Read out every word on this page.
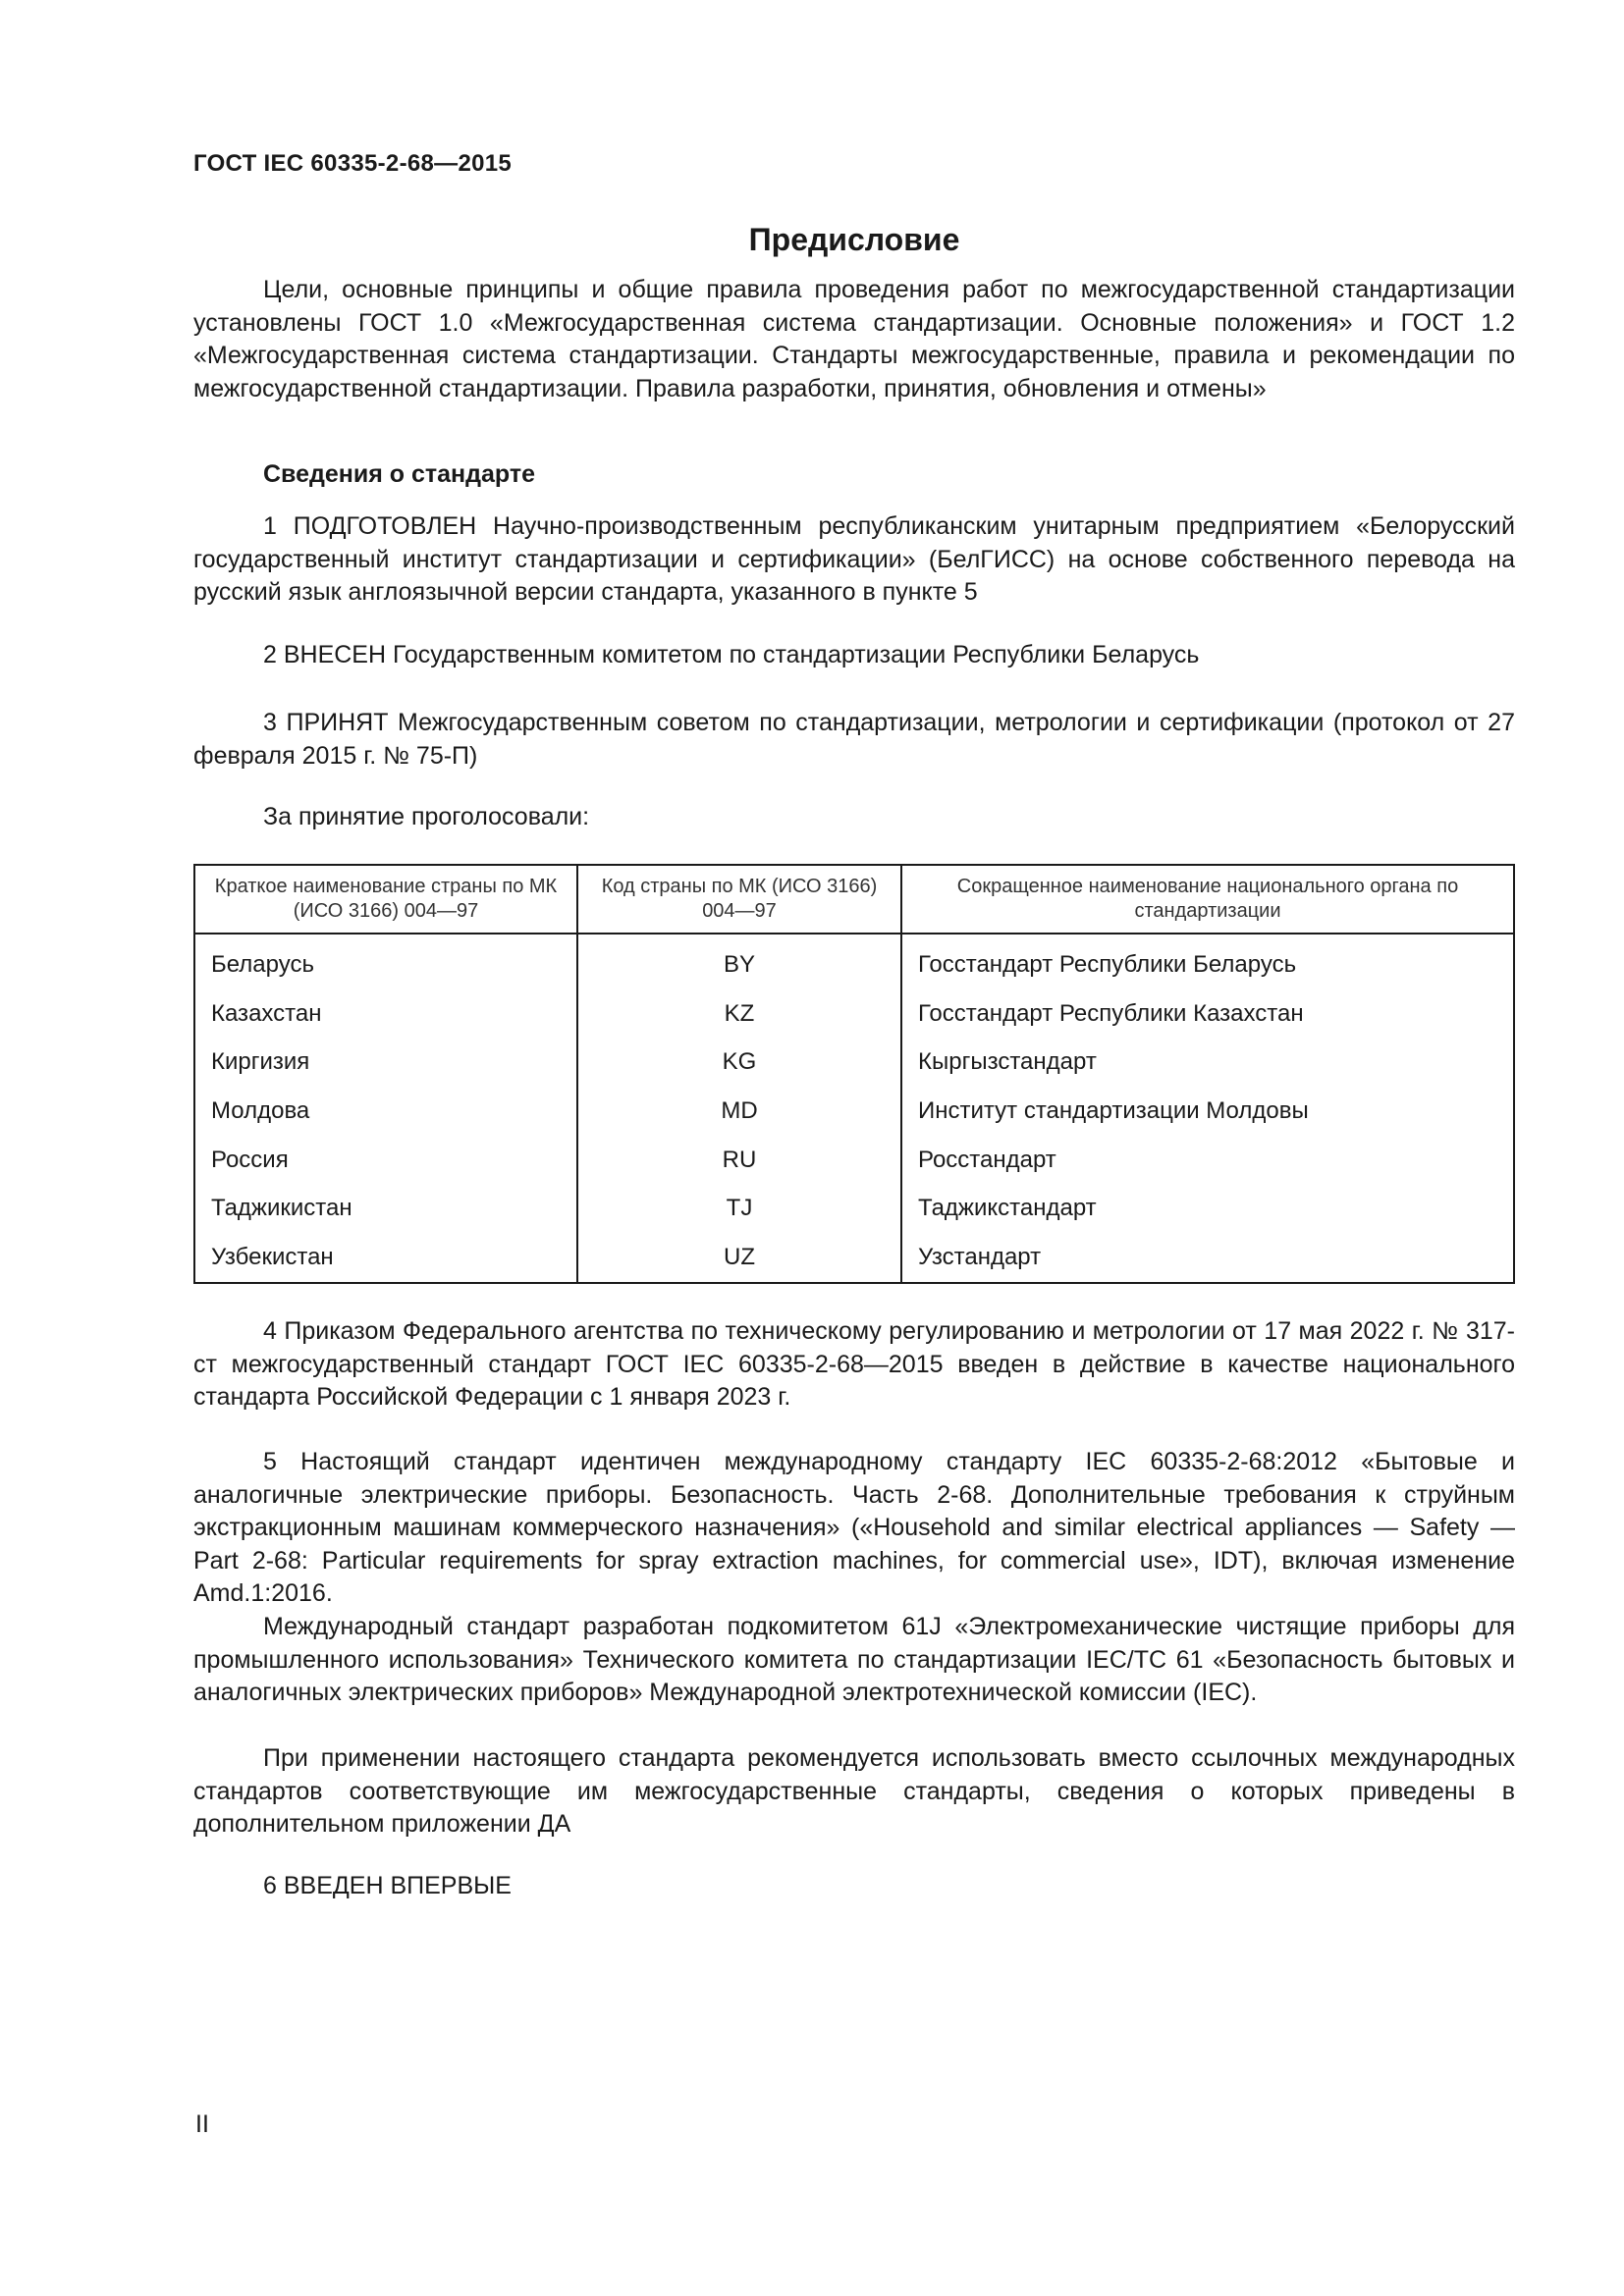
ГОСТ IEC 60335-2-68—2015
Предисловие

Цели, основные принципы и общие правила проведения работ по межгосударственной стандартизации установлены ГОСТ 1.0 «Межгосударственная система стандартизации. Основные положения» и ГОСТ 1.2 «Межгосударственная система стандартизации. Стандарты межгосударственные, правила и рекомендации по межгосударственной стандартизации. Правила разработки, принятия, обновления и отмены»

Сведения о стандарте

1 ПОДГОТОВЛЕН Научно-производственным республиканским унитарным предприятием «Белорусский государственный институт стандартизации и сертификации» (БелГИСС) на основе собственного перевода на русский язык англоязычной версии стандарта, указанного в пункте 5

2 ВНЕСЕН Государственным комитетом по стандартизации Республики Беларусь

3 ПРИНЯТ Межгосударственным советом по стандартизации, метрологии и сертификации (протокол от 27 февраля 2015 г. № 75-П)

За принятие проголосовали:
Краткое наименование страны по МК (ИСО 3166) 004—97	Код страны по МК (ИСО 3166) 004—97	Сокращенное наименование национального органа по стандартизации
Беларусь	BY	Госстандарт Республики Беларусь
Казахстан	KZ	Госстандарт Республики Казахстан
Киргизия	KG	Кыргызстандарт
Молдова	MD	Институт стандартизации Молдовы
Россия	RU	Росстандарт
Таджикистан	TJ	Таджикстандарт
Узбекистан	UZ	Узстандарт

4 Приказом Федерального агентства по техническому регулированию и метрологии от 17 мая 2022 г. № 317-ст межгосударственный стандарт ГОСТ IEC 60335-2-68—2015 введен в действие в качестве национального стандарта Российской Федерации с 1 января 2023 г.

5 Настоящий стандарт идентичен международному стандарту IEC 60335-2-68:2012 «Бытовые и аналогичные электрические приборы. Безопасность. Часть 2-68. Дополнительные требования к струйным экстракционным машинам коммерческого назначения» («Household and similar electrical appliances — Safety — Part 2-68: Particular requirements for spray extraction machines, for commercial use», IDT), включая изменение Amd.1:2016.

Международный стандарт разработан подкомитетом 61J «Электромеханические чистящие приборы для промышленного использования» Технического комитета по стандартизации IEC/TC 61 «Безопасность бытовых и аналогичных электрических приборов» Международной электротехнической комиссии (IEC).

При применении настоящего стандарта рекомендуется использовать вместо ссылочных международных стандартов соответствующие им межгосударственные стандарты, сведения о которых приведены в дополнительном приложении ДА

6 ВВЕДЕН ВПЕРВЫЕ
II
